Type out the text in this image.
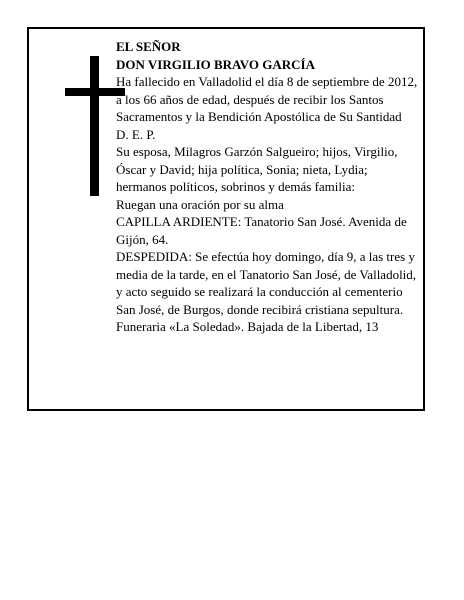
EL SEÑOR

DON VIRGILIO BRAVO GARCÍA

Ha fallecido en Valladolid el día 8 de septiembre de 2012, a los 66 años de edad, después de recibir los Santos Sacramentos y la Bendición Apostólica de Su Santidad

D. E. P.

Su esposa, Milagros Garzón Salgueiro; hijos, Virgilio, Óscar y David; hija política, Sonia; nieta, Lydia; hermanos políticos, sobrinos y demás familia:

Ruegan una oración por su alma

CAPILLA ARDIENTE: Tanatorio San José. Avenida de Gijón, 64.

DESPEDIDA: Se efectúa hoy domingo, día 9, a las tres y media de la tarde, en el Tanatorio San José, de Valladolid, y acto seguido se realizará la conducción al cementerio San José, de Burgos, donde recibirá cristiana sepultura.

Funeraria «La Soledad». Bajada de la Libertad, 13
